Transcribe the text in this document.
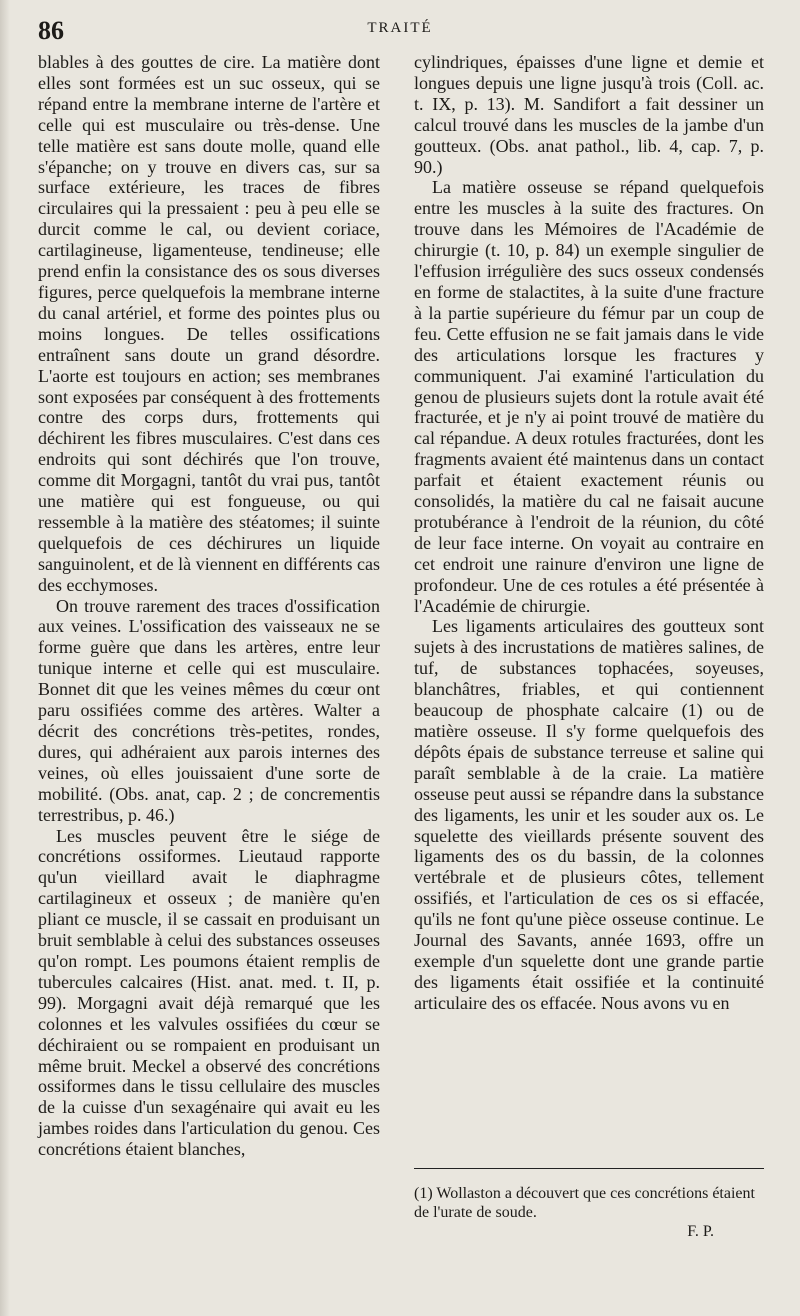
86	TRAITÉ

blables à des gouttes de cire. La matière dont elles sont formées est un suc osseux, qui se répand entre la membrane interne de l'artère et celle qui est musculaire ou très-dense. Une telle matière est sans doute molle, quand elle s'épanche; on y trouve en divers cas, sur sa surface extérieure, les traces de fibres circulaires qui la pressaient : peu à peu elle se durcit comme le cal, ou devient coriace, cartilagineuse, ligamenteuse, tendineuse; elle prend enfin la consistance des os sous diverses figures, perce quelquefois la membrane interne du canal artériel, et forme des pointes plus ou moins longues. De telles ossifications entraînent sans doute un grand désordre. L'aorte est toujours en action; ses membranes sont exposées par conséquent à des frottements contre des corps durs, frottements qui déchirent les fibres musculaires. C'est dans ces endroits qui sont déchirés que l'on trouve, comme dit Morgagni, tantôt du vrai pus, tantôt une matière qui est fongueuse, ou qui ressemble à la matière des stéatomes; il suinte quelquefois de ces déchirures un liquide sanguinolent, et de là viennent en différents cas des ecchymoses.

On trouve rarement des traces d'ossification aux veines. L'ossification des vaisseaux ne se forme guère que dans les artères, entre leur tunique interne et celle qui est musculaire. Bonnet dit que les veines mêmes du cœur ont paru ossifiées comme des artères. Walter a décrit des concrétions très-petites, rondes, dures, qui adhéraient aux parois internes des veines, où elles jouissaient d'une sorte de mobilité. (Obs. anat, cap. 2 ; de concrementis terrestribus, p. 46.)

Les muscles peuvent être le siége de concrétions ossiformes. Lieutaud rapporte qu'un vieillard avait le diaphragme cartilagineux et osseux ; de manière qu'en pliant ce muscle, il se cassait en produisant un bruit semblable à celui des substances osseuses qu'on rompt. Les poumons étaient remplis de tubercules calcaires (Hist. anat. med. t. II, p. 99). Morgagni avait déjà remarqué que les colonnes et les valvules ossifiées du cœur se déchiraient ou se rompaient en produisant un même bruit. Meckel a observé des concrétions ossiformes dans le tissu cellulaire des muscles de la cuisse d'un sexagénaire qui avait eu les jambes roides dans l'articulation du genou. Ces concrétions étaient blanches,

cylindriques, épaisses d'une ligne et demie et longues depuis une ligne jusqu'à trois (Coll. ac. t. IX, p. 13). M. Sandifort a fait dessiner un calcul trouvé dans les muscles de la jambe d'un goutteux. (Obs. anat pathol., lib. 4, cap. 7, p. 90.)

La matière osseuse se répand quelquefois entre les muscles à la suite des fractures. On trouve dans les Mémoires de l'Académie de chirurgie (t. 10, p. 84) un exemple singulier de l'effusion irrégulière des sucs osseux condensés en forme de stalactites, à la suite d'une fracture à la partie supérieure du fémur par un coup de feu. Cette effusion ne se fait jamais dans le vide des articulations lorsque les fractures y communiquent. J'ai examiné l'articulation du genou de plusieurs sujets dont la rotule avait été fracturée, et je n'y ai point trouvé de matière du cal répandue. A deux rotules fracturées, dont les fragments avaient été maintenus dans un contact parfait et étaient exactement réunis ou consolidés, la matière du cal ne faisait aucune protubérance à l'endroit de la réunion, du côté de leur face interne. On voyait au contraire en cet endroit une rainure d'environ une ligne de profondeur. Une de ces rotules a été présentée à l'Académie de chirurgie.

Les ligaments articulaires des goutteux sont sujets à des incrustations de matières salines, de tuf, de substances tophacées, soyeuses, blanchâtres, friables, et qui contiennent beaucoup de phosphate calcaire (1) ou de matière osseuse. Il s'y forme quelquefois des dépôts épais de substance terreuse et saline qui paraît semblable à de la craie. La matière osseuse peut aussi se répandre dans la substance des ligaments, les unir et les souder aux os. Le squelette des vieillards présente souvent des ligaments des os du bassin, de la colonnes vertébrale et de plusieurs côtes, tellement ossifiés, et l'articulation de ces os si effacée, qu'ils ne font qu'une pièce osseuse continue. Le Journal des Savants, année 1693, offre un exemple d'un squelette dont une grande partie des ligaments était ossifiée et la continuité articulaire des os effacée. Nous avons vu en

(1) Wollaston a découvert que ces concrétions étaient de l'urate de soude.
F. P.
